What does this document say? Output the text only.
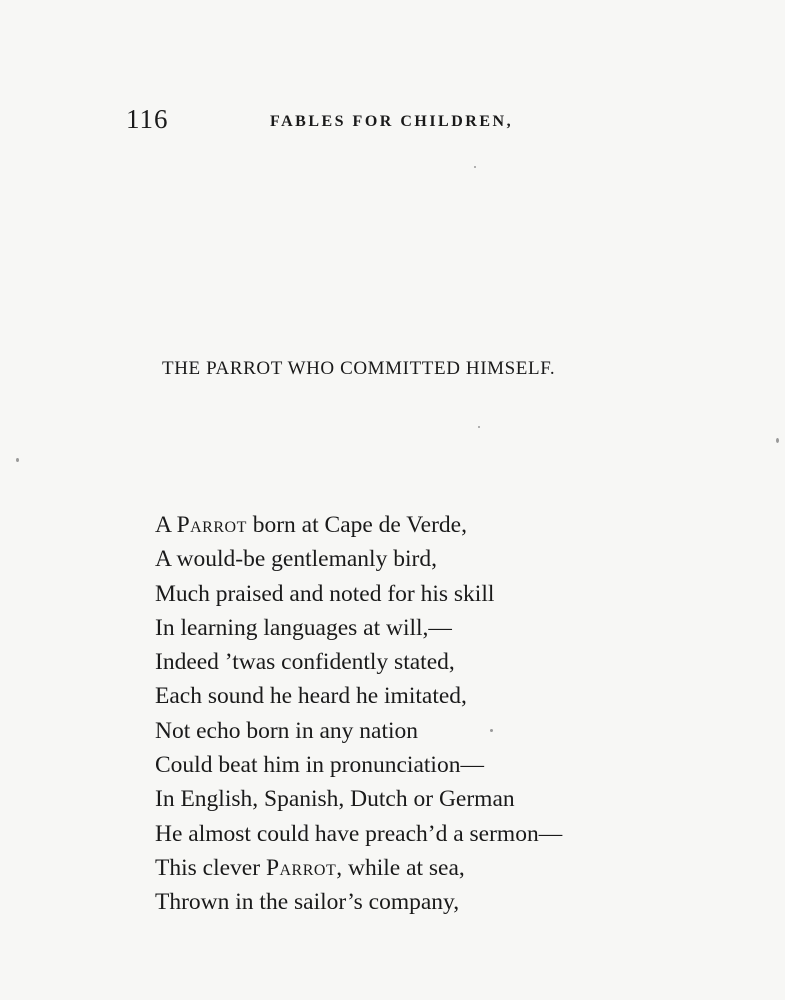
116	FABLES FOR CHILDREN,
THE PARROT WHO COMMITTED HIMSELF.
A Parrot born at Cape de Verde,
A would-be gentlemanly bird,
Much praised and noted for his skill
In learning languages at will,—
Indeed ’twas confidently stated,
Each sound he heard he imitated,
Not echo born in any nation
Could beat him in pronunciation—
In English, Spanish, Dutch or German
He almost could have preach’d a sermon—
This clever Parrot, while at sea,
Thrown in the sailor’s company,
